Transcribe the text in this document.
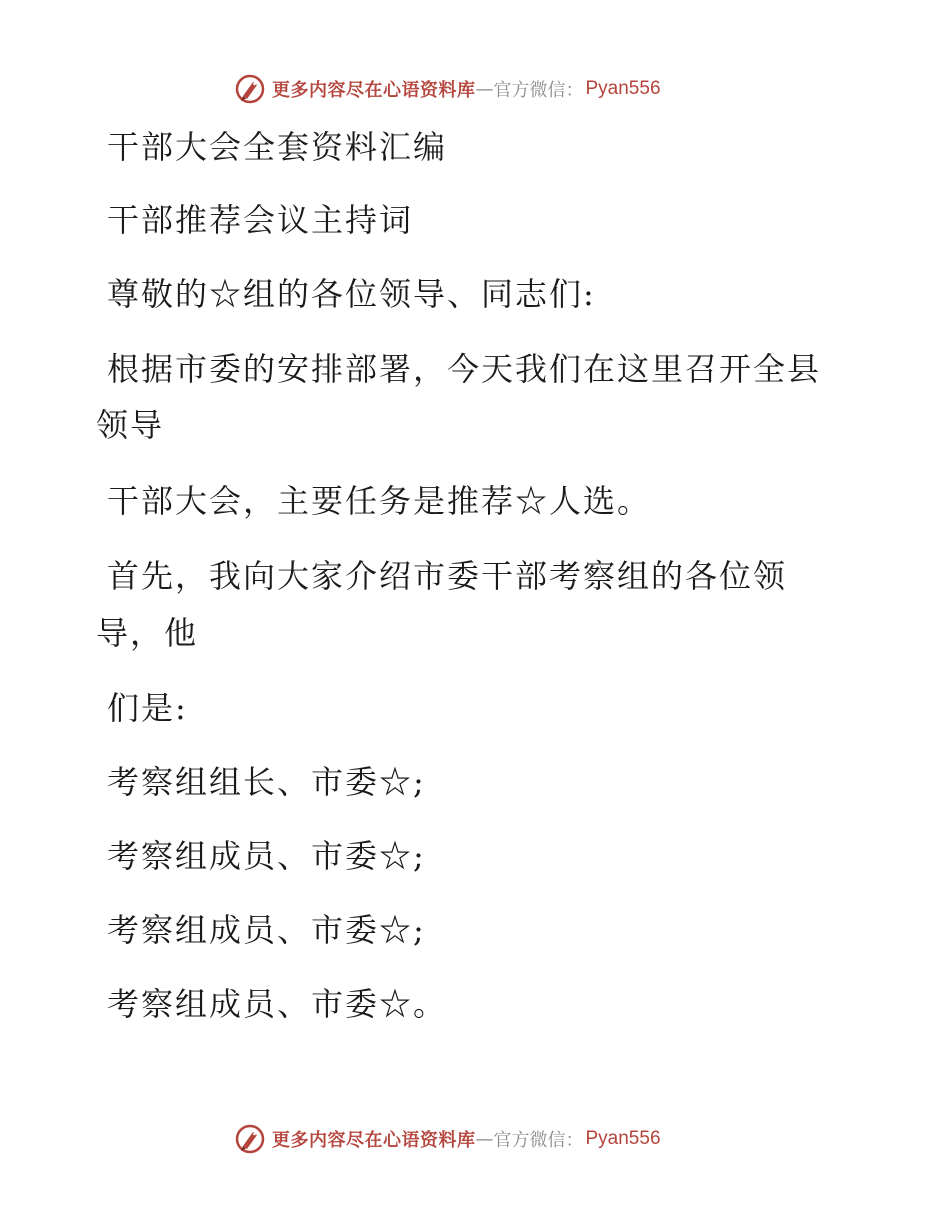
更多内容尽在心语资料库 — 官方微信： Pyan556
干部大会全套资料汇编
干部推荐会议主持词
尊敬的☆组的各位领导、同志们:
根据市委的安排部署，今天我们在这里召开全县
领导
干部大会，主要任务是推荐☆人选。
首先，我向大家介绍市委干部考察组的各位领
导，他
们是:
考察组组长、市委☆;
考察组成员、市委☆;
考察组成员、市委☆;
考察组成员、市委☆。
更多内容尽在心语资料库 — 官方微信： Pyan556
